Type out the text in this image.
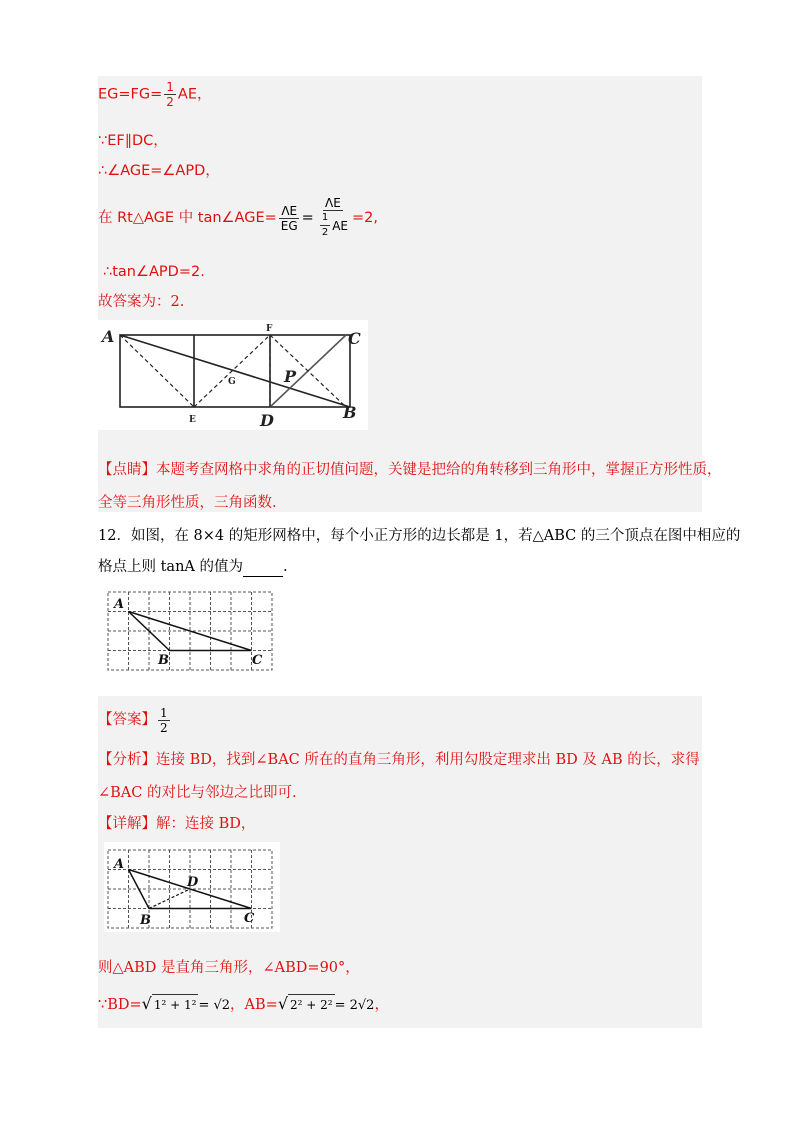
$EG=FG= \frac{1}{2}$ AE，
∵EF∥DC，
∴∠AGE=∠APD，
在 Rt△AGE 中 tan∠AGE= $\frac{\Lambda E}{EG} = \frac{\Lambda E}{\frac{1}{2} AE} =2$,
∴tan∠APD=2.
故答案为：2.
A	C
P
D	B
F
G
E
【点睛】本题考查网格中求角的正切值问题，关键是把给的角转移到三角形中，掌握正方形性质，
全等三角形性质，三角函数.
12．如图，在 8×4 的矩形网格中，每个小正方形的边长都是 1，若△ABC 的三个顶点在图中相应的
格点上则 tanA 的值为	.
A
B	C
【答案】 $\frac{1}{2}$
【分析】连接 BD，找到∠BAC 所在的直角三角形，利用勾股定理求出 BD 及 AB 的长，求得
∠BAC 的对比与邻边之比即可.
【详解】解：连接 BD，
A
D
B	C
则△ABD 是直角三角形，∠ABD=90°，
∵BD=√ 1² + 1² = √2，AB=√ 2² + 2² = 2√2，
